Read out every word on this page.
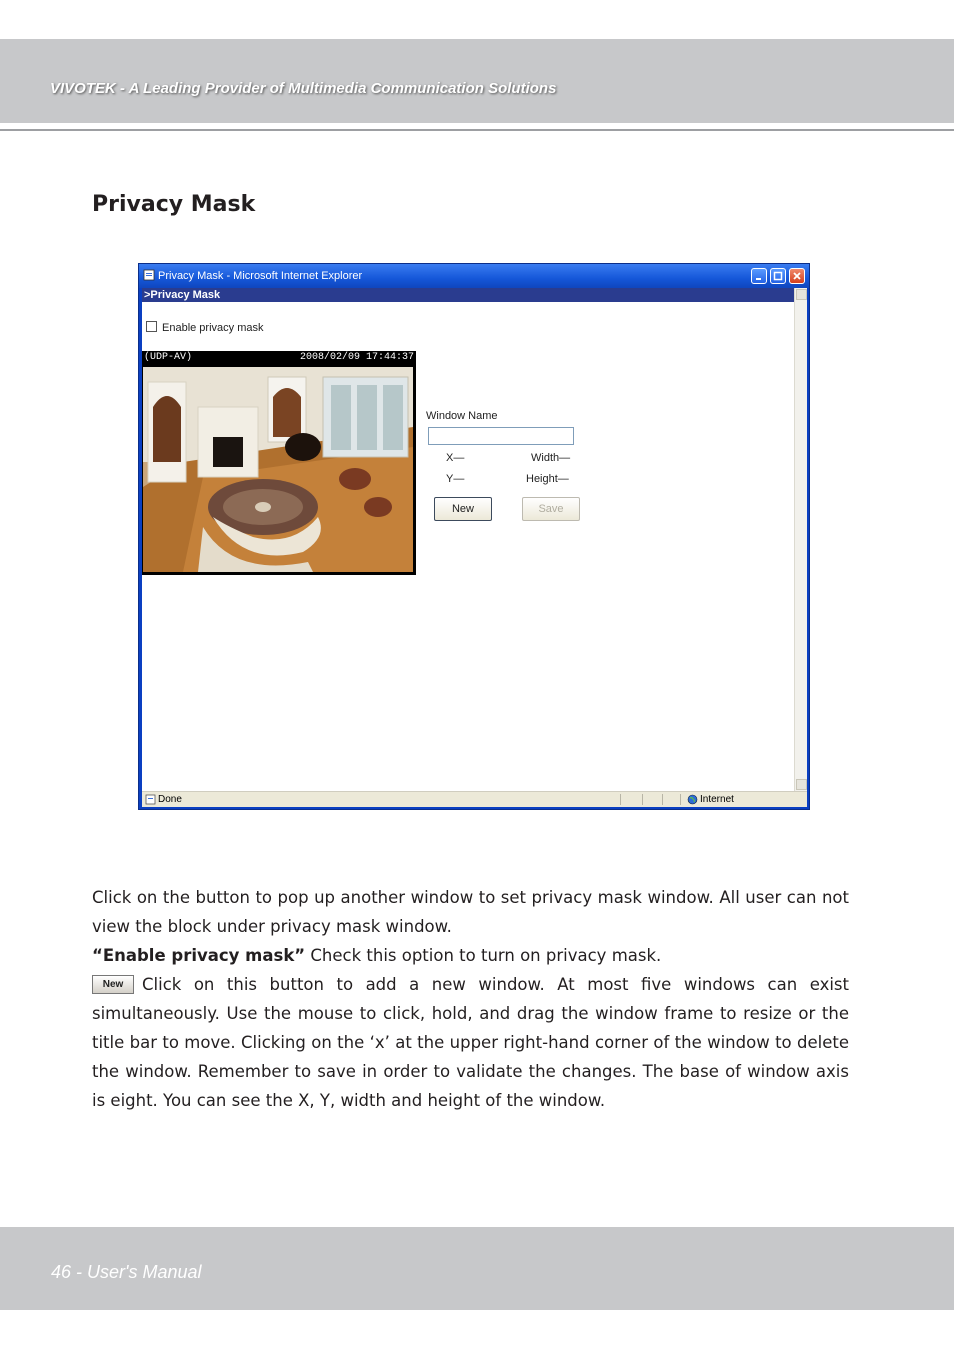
VIVOTEK - A Leading Provider of Multimedia Communication Solutions
Privacy Mask
Privacy Mask - Microsoft Internet Explorer
>Privacy Mask
Enable privacy mask
(UDP-AV)	2008/02/09 17:44:37
Window Name
X—	Width—
Y—	Height—
New	Save
Done	Internet

Click on the button to pop up another window to set privacy mask window. All user can not view the block under privacy mask window.

“Enable privacy mask” Check this option to turn on privacy mask.

New Click on this button to add a new window. At most five windows can exist simultaneously. Use the mouse to click, hold, and drag the window frame to resize or the title bar to move. Clicking on the ‘x’ at the upper right-hand corner of the window to delete the window. Remember to save in order to validate the changes. The base of window axis is eight. You can see the X, Y, width and height of the window.

46 - User's Manual
